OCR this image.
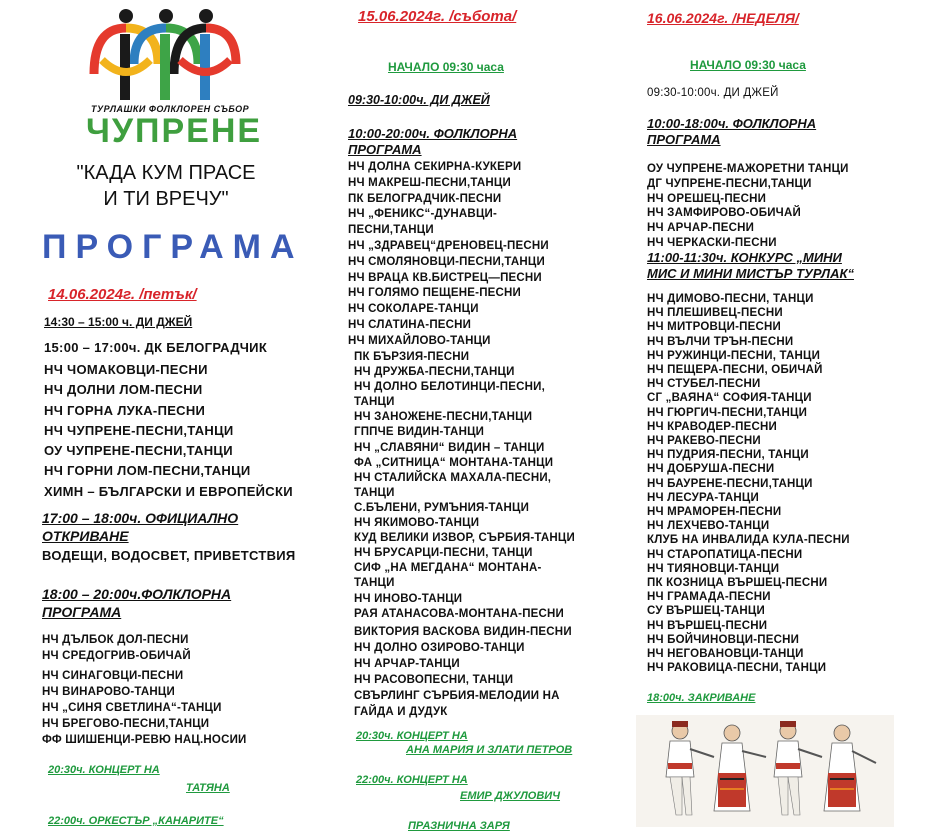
ТУРЛАШКИ ФОЛКЛОРЕН СЪБОР
ЧУПРЕНЕ
"КАДА КУМ ПРАСЕ
И ТИ ВРЕЧУ"
ПРОГРАМА
14.06.2024г. /петък/
14:30 – 15:00 ч. ДИ ДЖЕЙ
15:00 – 17:00ч. ДК БЕЛОГРАДЧИК
НЧ ЧОМАКОВЦИ-ПЕСНИ
НЧ ДОЛНИ ЛОМ-ПЕСНИ
НЧ ГОРНА ЛУКА-ПЕСНИ
НЧ ЧУПРЕНЕ-ПЕСНИ,ТАНЦИ
ОУ ЧУПРЕНЕ-ПЕСНИ,ТАНЦИ
НЧ ГОРНИ ЛОМ-ПЕСНИ,ТАНЦИ
ХИМН – БЪЛГАРСКИ И ЕВРОПЕЙСКИ
17:00 – 18:00ч. ОФИЦИАЛНО
ОТКРИВАНЕ
ВОДЕЩИ, ВОДОСВЕТ, ПРИВЕТСТВИЯ
18:00 – 20:00ч.ФОЛКЛОРНА
ПРОГРАМА
НЧ ДЪЛБОК ДОЛ-ПЕСНИ
НЧ СРЕДОГРИВ-ОБИЧАЙ
НЧ СИНАГОВЦИ-ПЕСНИ
НЧ ВИНАРОВО-ТАНЦИ
НЧ „СИНЯ СВЕТЛИНА“-ТАНЦИ
НЧ БРЕГОВО-ПЕСНИ,ТАНЦИ
ФФ ШИШЕНЦИ-РЕВЮ НАЦ.НОСИИ
20:30ч. КОНЦЕРТ НА
ТАТЯНА
22:00ч. ОРКЕСТЪР „КАНАРИТЕ“
15.06.2024г. /събота/
НАЧАЛО 09:30 часа
09:30-10:00ч. ДИ ДЖЕЙ
10:00-20:00ч. ФОЛКЛОРНА
ПРОГРАМА
НЧ ДОЛНА СЕКИРНА-КУКЕРИ
НЧ МАКРЕШ-ПЕСНИ,ТАНЦИ
ПК БЕЛОГРАДЧИК-ПЕСНИ
НЧ „ФЕНИКС“-ДУНАВЦИ-
ПЕСНИ,ТАНЦИ
НЧ „ЗДРАВЕЦ“ДРЕНОВЕЦ-ПЕСНИ
НЧ СМОЛЯНОВЦИ-ПЕСНИ,ТАНЦИ
НЧ ВРАЦА КВ.БИСТРЕЦ—ПЕСНИ
НЧ ГОЛЯМО ПЕЩЕНЕ-ПЕСНИ
НЧ СОКОЛАРЕ-ТАНЦИ
НЧ СЛАТИНА-ПЕСНИ
НЧ МИХАЙЛОВО-ТАНЦИ
ПК БЪРЗИЯ-ПЕСНИ
НЧ ДРУЖБА-ПЕСНИ,ТАНЦИ
НЧ ДОЛНО БЕЛОТИНЦИ-ПЕСНИ,
ТАНЦИ
НЧ ЗАНОЖЕНЕ-ПЕСНИ,ТАНЦИ
ГППЧЕ ВИДИН-ТАНЦИ
НЧ „СЛАВЯНИ“ ВИДИН – ТАНЦИ
ФА „СИТНИЦА“ МОНТАНА-ТАНЦИ
НЧ СТАЛИЙСКА МАХАЛА-ПЕСНИ,
ТАНЦИ
С.БЪЛЕНИ, РУМЪНИЯ-ТАНЦИ
НЧ ЯКИМОВО-ТАНЦИ
КУД ВЕЛИКИ ИЗВОР, СЪРБИЯ-ТАНЦИ
НЧ БРУСАРЦИ-ПЕСНИ, ТАНЦИ
СИФ „НА МЕГДАНА“ МОНТАНА-
ТАНЦИ
НЧ ИНОВО-ТАНЦИ
РАЯ АТАНАСОВА-МОНТАНА-ПЕСНИ
ВИКТОРИЯ ВАСКОВА ВИДИН-ПЕСНИ
НЧ ДОЛНО ОЗИРОВО-ТАНЦИ
НЧ АРЧАР-ТАНЦИ
НЧ РАСОВОПЕСНИ, ТАНЦИ
СВЪРЛИНГ СЪРБИЯ-МЕЛОДИИ НА
ГАЙДА И ДУДУК
20:30ч. КОНЦЕРТ НА
АНА МАРИЯ И ЗЛАТИ ПЕТРОВ
22:00ч. КОНЦЕРТ НА
ЕМИР ДЖУЛОВИЧ
ПРАЗНИЧНА ЗАРЯ
16.06.2024г. /НЕДЕЛЯ/
НАЧАЛО 09:30 часа
09:30-10:00ч. ДИ ДЖЕЙ
10:00-18:00ч. ФОЛКЛОРНА
ПРОГРАМА
ОУ ЧУПРЕНЕ-МАЖОРЕТНИ ТАНЦИ
ДГ ЧУПРЕНЕ-ПЕСНИ,ТАНЦИ
НЧ ОРЕШЕЦ-ПЕСНИ
НЧ ЗАМФИРОВО-ОБИЧАЙ
НЧ АРЧАР-ПЕСНИ
НЧ ЧЕРКАСКИ-ПЕСНИ
11:00-11:30ч. КОНКУРС „МИНИ
МИС И МИНИ МИСТЪР ТУРЛАК“
НЧ ДИМОВО-ПЕСНИ, ТАНЦИ
НЧ ПЛЕШИВЕЦ-ПЕСНИ
НЧ МИТРОВЦИ-ПЕСНИ
НЧ ВЪЛЧИ ТРЪН-ПЕСНИ
НЧ РУЖИНЦИ-ПЕСНИ, ТАНЦИ
НЧ ПЕЩЕРА-ПЕСНИ, ОБИЧАЙ
НЧ СТУБЕЛ-ПЕСНИ
СГ „ВАЯНА“ СОФИЯ-ТАНЦИ
НЧ ГЮРГИЧ-ПЕСНИ,ТАНЦИ
НЧ КРАВОДЕР-ПЕСНИ
НЧ РАКЕВО-ПЕСНИ
НЧ ПУДРИЯ-ПЕСНИ, ТАНЦИ
НЧ ДОБРУША-ПЕСНИ
НЧ БАУРЕНЕ-ПЕСНИ,ТАНЦИ
НЧ ЛЕСУРА-ТАНЦИ
НЧ МРАМОРЕН-ПЕСНИ
НЧ ЛЕХЧЕВО-ТАНЦИ
КЛУБ НА ИНВАЛИДА КУЛА-ПЕСНИ
НЧ СТАРОПАТИЦА-ПЕСНИ
НЧ ТИЯНОВЦИ-ТАНЦИ
ПК КОЗНИЦА ВЪРШЕЦ-ПЕСНИ
НЧ ГРАМАДА-ПЕСНИ
СУ ВЪРШЕЦ-ТАНЦИ
НЧ ВЪРШЕЦ-ПЕСНИ
НЧ БОЙЧИНОВЦИ-ПЕСНИ
НЧ НЕГОВАНОВЦИ-ТАНЦИ
НЧ РАКОВИЦА-ПЕСНИ, ТАНЦИ
18:00ч. ЗАКРИВАНЕ
